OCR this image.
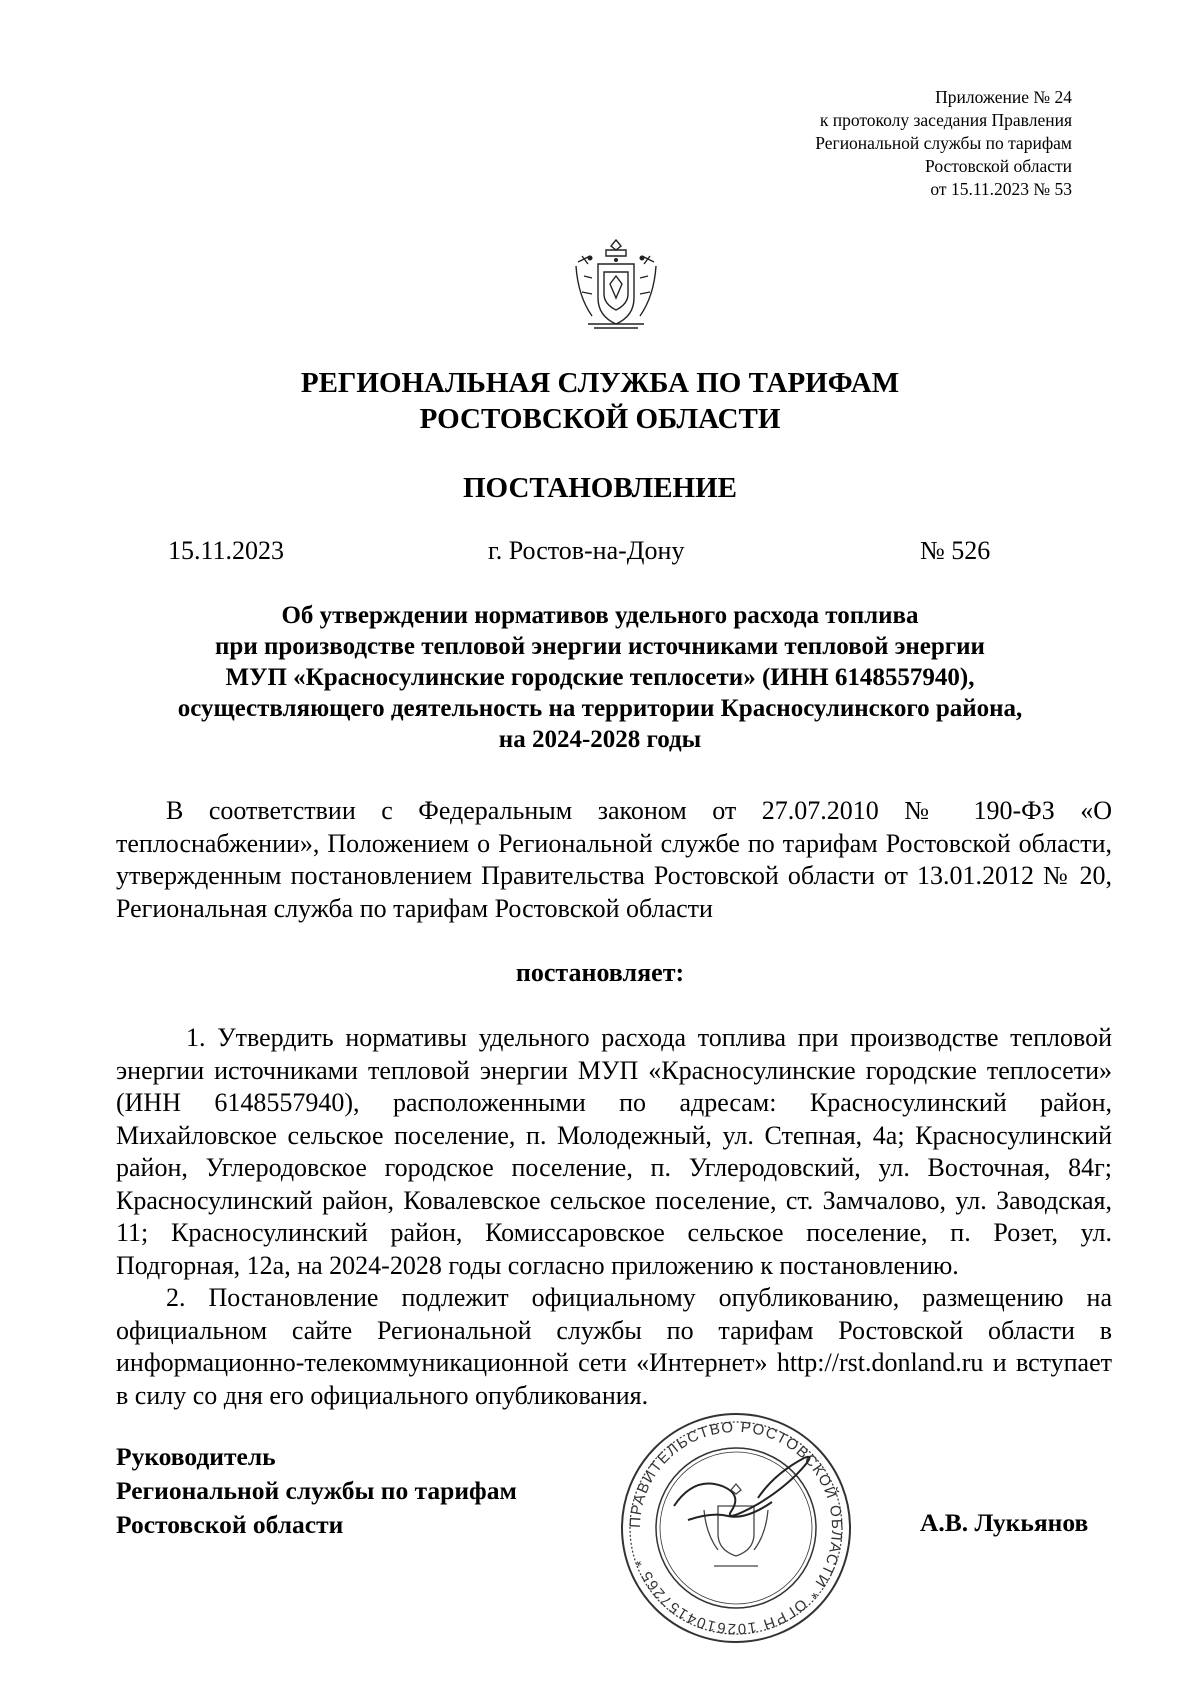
Приложение № 24
к протоколу заседания Правления
Региональной службы по тарифам
Ростовской области
от 15.11.2023 № 53
РЕГИОНАЛЬНАЯ СЛУЖБА ПО ТАРИФАМ
РОСТОВСКОЙ ОБЛАСТИ
ПОСТАНОВЛЕНИЕ
15.11.2023	г. Ростов-на-Дону	№ 526
Об утверждении нормативов удельного расхода топлива
при производстве тепловой энергии источниками тепловой энергии
МУП «Красносулинские городские теплосети» (ИНН 6148557940),
осуществляющего деятельность на территории Красносулинского района,
на 2024-2028 годы

В соответствии с Федеральным законом от 27.07.2010 № 190-ФЗ «О теплоснабжении», Положением о Региональной службе по тарифам Ростовской области, утвержденным постановлением Правительства Ростовской области от 13.01.2012 № 20, Региональная служба по тарифам Ростовской области

постановляет:

1. Утвердить нормативы удельного расхода топлива при производстве тепловой энергии источниками тепловой энергии МУП «Красносулинские городские теплосети» (ИНН 6148557940), расположенными по адресам: Красносулинский район, Михайловское сельское поселение, п. Молодежный, ул. Степная, 4а; Красносулинский район, Углеродовское городское поселение, п. Углеродовский, ул. Восточная, 84г; Красносулинский район, Ковалевское сельское поселение, ст. Замчалово, ул. Заводская, 11; Красносулинский район, Комиссаровское сельское поселение, п. Розет, ул. Подгорная, 12а, на 2024-2028 годы согласно приложению к постановлению.

2. Постановление подлежит официальному опубликованию, размещению на официальном сайте Региональной службы по тарифам Ростовской области в информационно-телекоммуникационной сети «Интернет» http://rst.donland.ru и вступает в силу со дня его официального опубликования.

ПРАВИТЕЛЬСТВО РОСТОВСКОЙ ОБЛАСТИ * ОГРН 1026104157265 *
Руководитель
Региональной службы по тарифам
Ростовской области	А.В. Лукьянов
